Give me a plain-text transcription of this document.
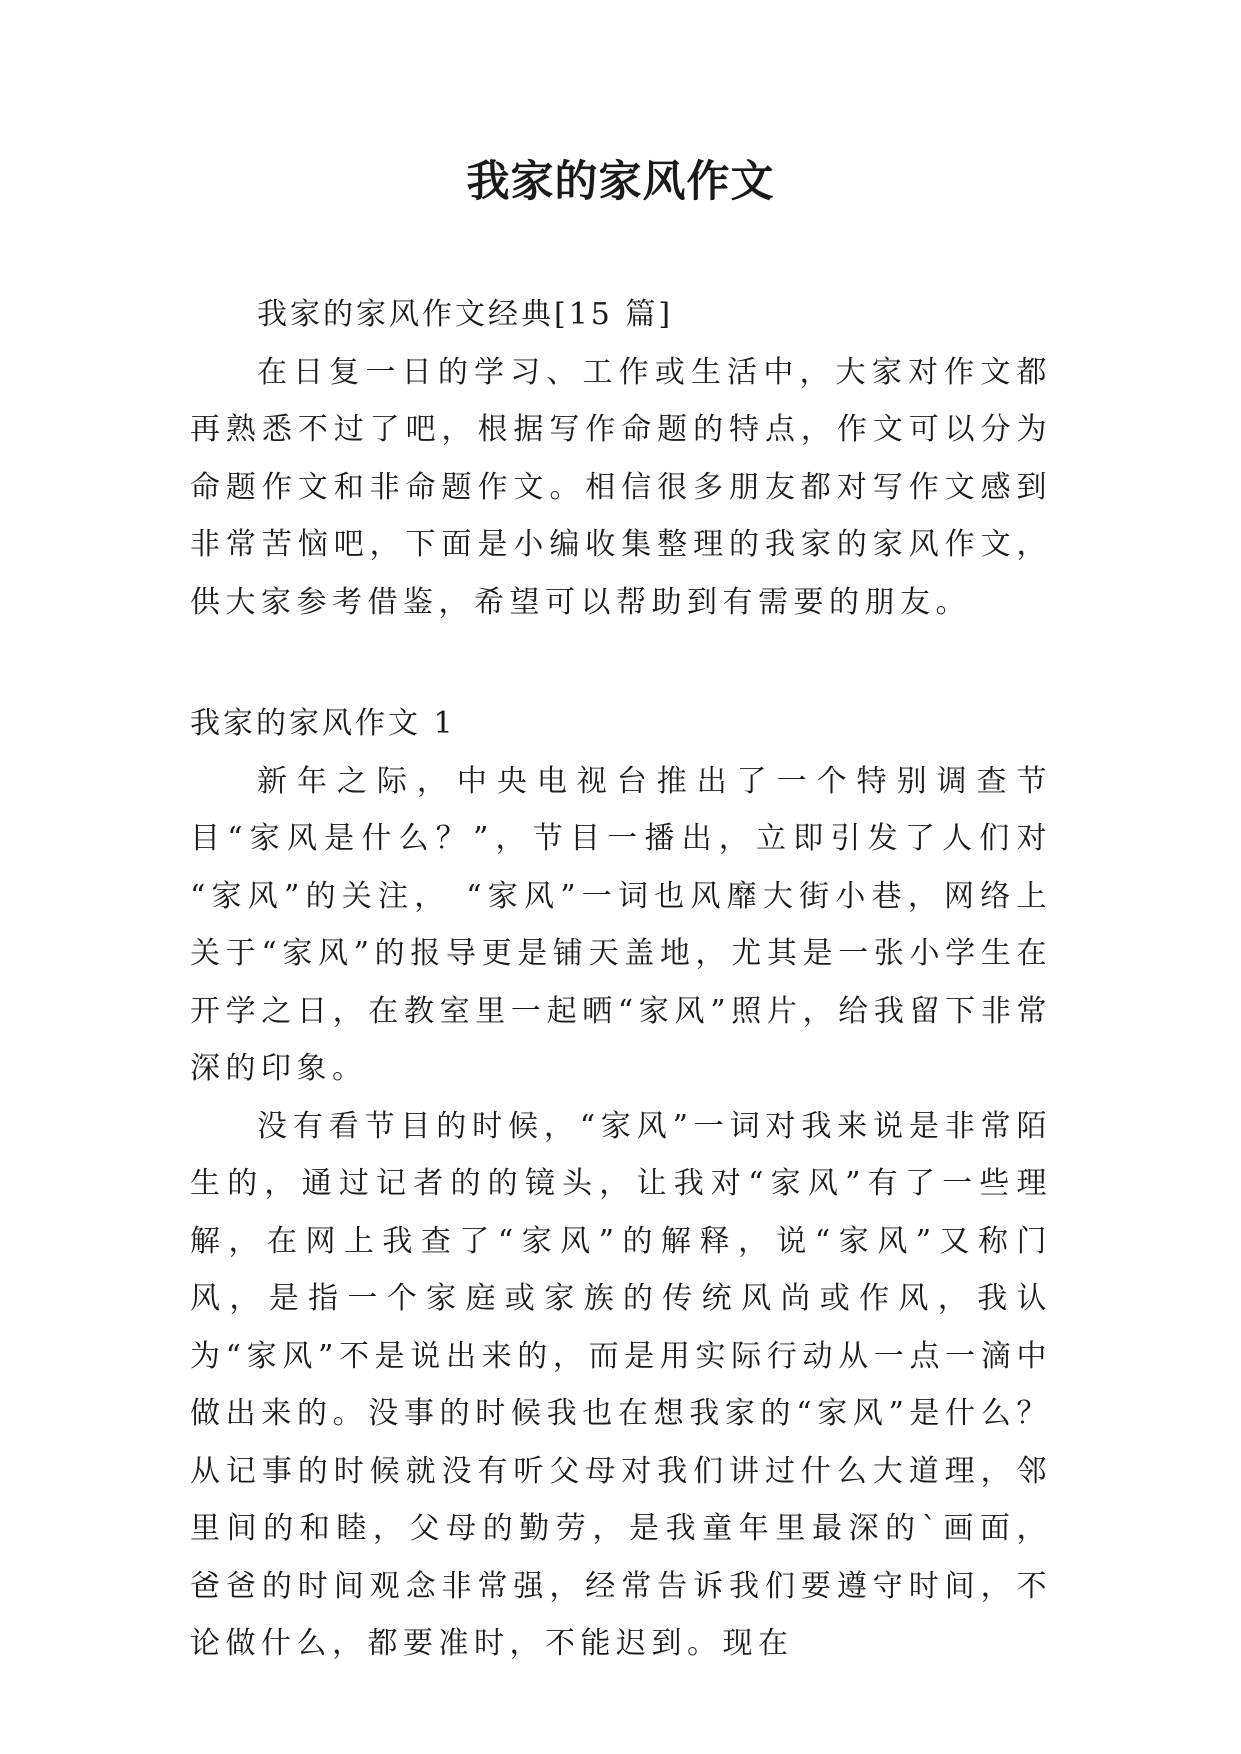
我家的家风作文

我家的家风作文经典[15 篇]

在日复一日的学习、工作或生活中，大家对作文都再熟悉不过了吧，根据写作命题的特点，作文可以分为命题作文和非命题作文。相信很多朋友都对写作文感到非常苦恼吧，下面是小编收集整理的我家的家风作文，供大家参考借鉴，希望可以帮助到有需要的朋友。

我家的家风作文 1

新年之际，中央电视台推出了一个特别调查节目“家风是什么？”，节目一播出，立即引发了人们对 “家风”的关注， “家风”一词也风靡大街小巷，网络上关于“家风”的报导更是铺天盖地，尤其是一张小学生在开学之日，在教室里一起晒“家风”照片，给我留下非常深的印象。

没有看节目的时候，“家风”一词对我来说是非常陌生的，通过记者的的镜头，让我对“家风”有了一些理解，在网上我查了“家风”的解释，说“家风”又称门风，是指一个家庭或家族的传统风尚或作风，我认为“家风”不是说出来的，而是用实际行动从一点一滴中做出来的。没事的时候我也在想我家的“家风”是什么？从记事的时候就没有听父母对我们讲过什么大道理，邻里间的和睦，父母的勤劳，是我童年里最深的`画面，爸爸的时间观念非常强，经常告诉我们要遵守时间，不论做什么，都要准时，不能迟到。现在
